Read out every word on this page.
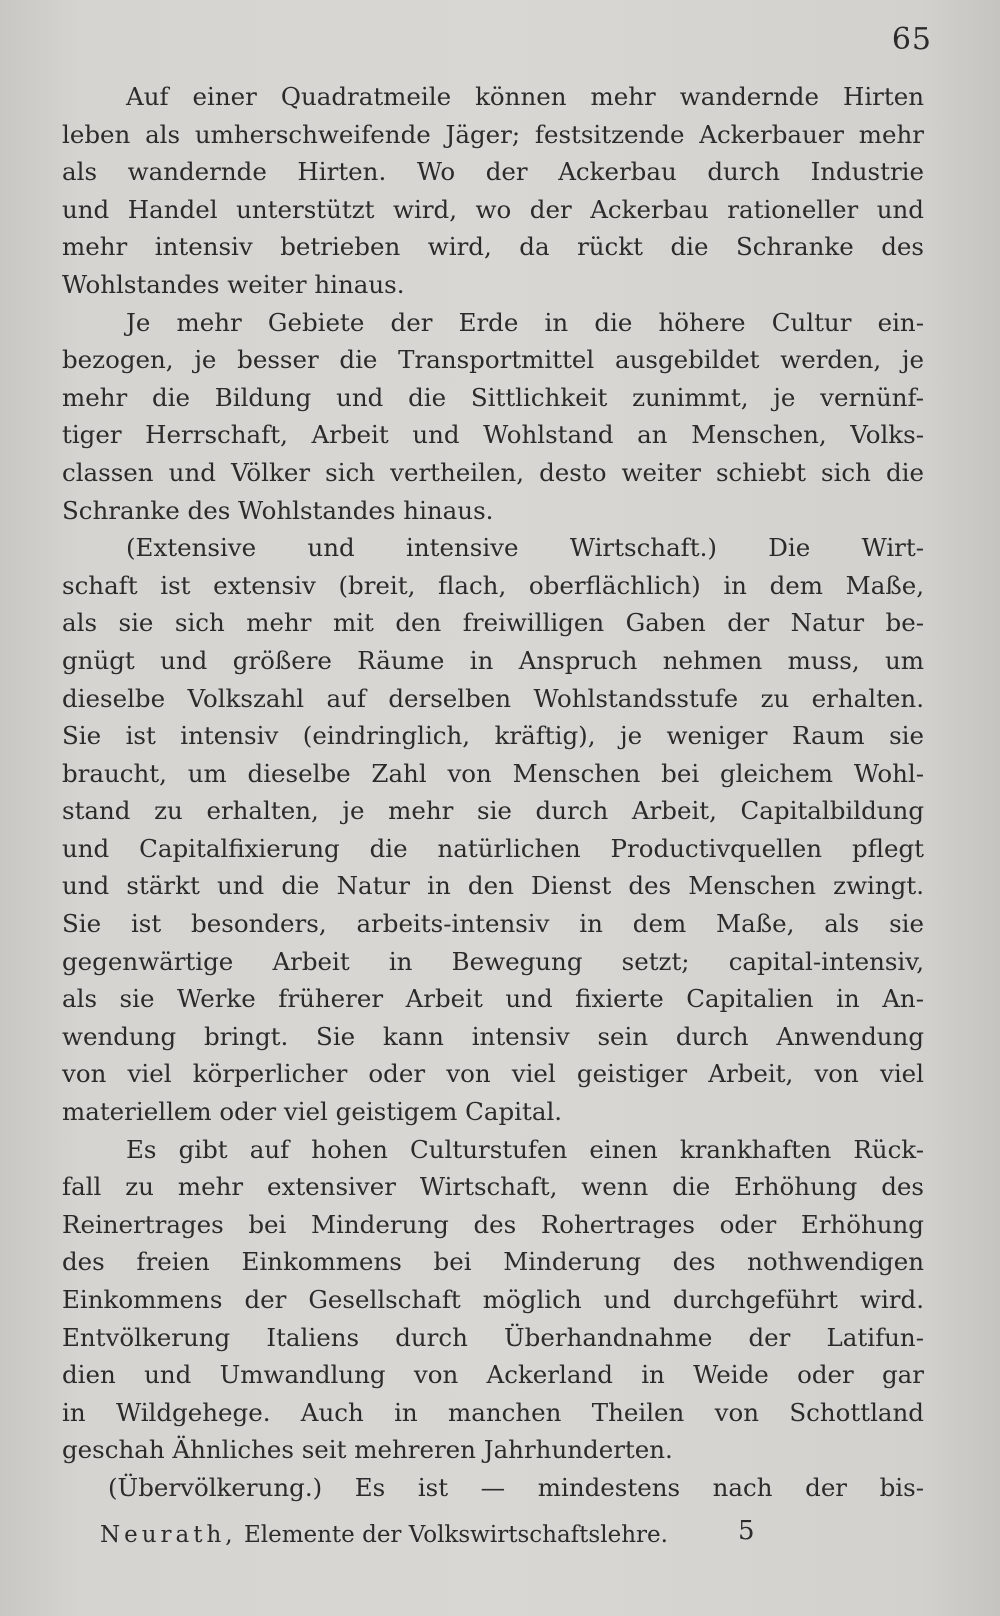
65
Auf einer Quadratmeile können mehr wandernde Hirten
leben als umherschweifende Jäger; festsitzende Ackerbauer mehr
als wandernde Hirten. Wo der Ackerbau durch Industrie
und Handel unterstützt wird, wo der Ackerbau rationeller und
mehr intensiv betrieben wird, da rückt die Schranke des
Wohlstandes weiter hinaus.
Je mehr Gebiete der Erde in die höhere Cultur ein-
bezogen, je besser die Transportmittel ausgebildet werden, je
mehr die Bildung und die Sittlichkeit zunimmt, je vernünf-
tiger Herrschaft, Arbeit und Wohlstand an Menschen, Volks-
classen und Völker sich vertheilen, desto weiter schiebt sich die
Schranke des Wohlstandes hinaus.
(Extensive und intensive Wirtschaft.) Die Wirt-
schaft ist extensiv (breit, flach, oberflächlich) in dem Maße,
als sie sich mehr mit den freiwilligen Gaben der Natur be-
gnügt und größere Räume in Anspruch nehmen muss, um
dieselbe Volkszahl auf derselben Wohlstandsstufe zu erhalten.
Sie ist intensiv (eindringlich, kräftig), je weniger Raum sie
braucht, um dieselbe Zahl von Menschen bei gleichem Wohl-
stand zu erhalten, je mehr sie durch Arbeit, Capitalbildung
und Capitalfixierung die natürlichen Productivquellen pflegt
und stärkt und die Natur in den Dienst des Menschen zwingt.
Sie ist besonders, arbeits-intensiv in dem Maße, als sie
gegenwärtige Arbeit in Bewegung setzt; capital-intensiv,
als sie Werke früherer Arbeit und fixierte Capitalien in An-
wendung bringt. Sie kann intensiv sein durch Anwendung
von viel körperlicher oder von viel geistiger Arbeit, von viel
materiellem oder viel geistigem Capital.
Es gibt auf hohen Culturstufen einen krankhaften Rück-
fall zu mehr extensiver Wirtschaft, wenn die Erhöhung des
Reinertrages bei Minderung des Rohertrages oder Erhöhung
des freien Einkommens bei Minderung des nothwendigen
Einkommens der Gesellschaft möglich und durchgeführt wird.
Entvölkerung Italiens durch Überhandnahme der Latifun-
dien und Umwandlung von Ackerland in Weide oder gar
in Wildgehege. Auch in manchen Theilen von Schottland
geschah Ähnliches seit mehreren Jahrhunderten.
(Übervölkerung.) Es ist — mindestens nach der bis-
Neurath, Elemente der Volkswirtschaftslehre.	5
